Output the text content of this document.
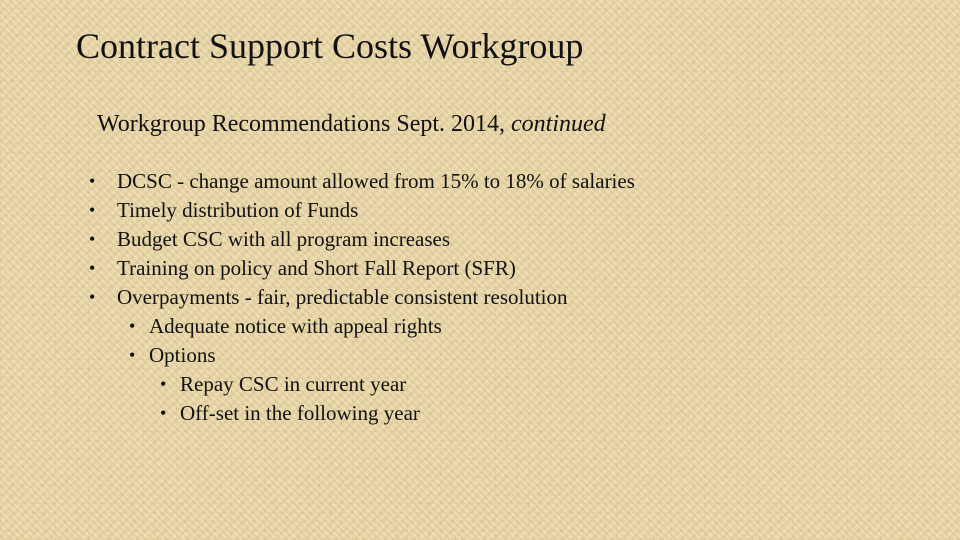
Contract Support Costs Workgroup
Workgroup Recommendations Sept. 2014, continued
• DCSC - change amount allowed from 15% to 18% of salaries
• Timely distribution of Funds
• Budget CSC with all program increases
• Training on policy and Short Fall Report (SFR)
• Overpayments - fair, predictable consistent resolution
• Adequate notice with appeal rights
• Options
• Repay CSC in current year
• Off-set in the following year
